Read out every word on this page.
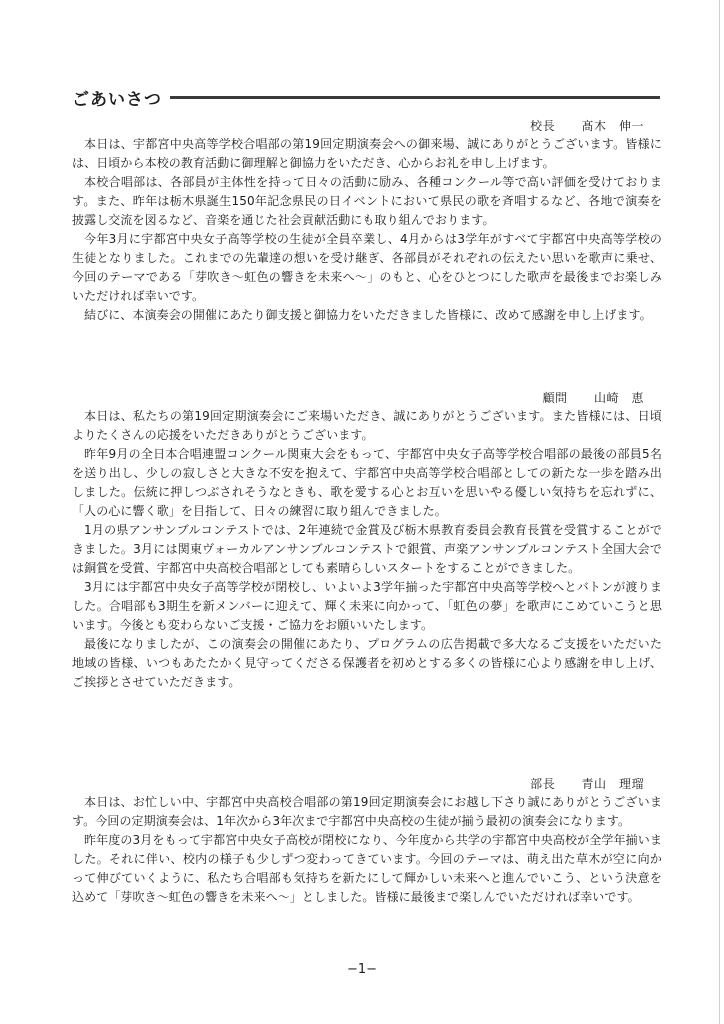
ごあいさつ
校長 髙木　伸一

本日は、宇都宮中央高等学校合唱部の第19回定期演奏会への御来場、誠にありがとうございます。皆様には、日頃から本校の教育活動に御理解と御協力をいただき、心からお礼を申し上げます。

本校合唱部は、各部員が主体性を持って日々の活動に励み、各種コンクール等で高い評価を受けております。また、昨年は栃木県誕生150年記念県民の日イベントにおいて県民の歌を斉唱するなど、各地で演奏を披露し交流を図るなど、音楽を通じた社会貢献活動にも取り組んでおります。

今年3月に宇都宮中央女子高等学校の生徒が全員卒業し、4月からは3学年がすべて宇都宮中央高等学校の生徒となりました。これまでの先輩達の想いを受け継ぎ、各部員がそれぞれの伝えたい思いを歌声に乗せ、今回のテーマである「芽吹き〜虹色の響きを未来へ〜」のもと、心をひとつにした歌声を最後までお楽しみいただければ幸いです。

結びに、本演奏会の開催にあたり御支援と御協力をいただきました皆様に、改めて感謝を申し上げます。

顧問 山崎　恵

本日は、私たちの第19回定期演奏会にご来場いただき、誠にありがとうございます。また皆様には、日頃よりたくさんの応援をいただきありがとうございます。

昨年9月の全日本合唱連盟コンクール関東大会をもって、宇都宮中央女子高等学校合唱部の最後の部員5名を送り出し、少しの寂しさと大きな不安を抱えて、宇都宮中央高等学校合唱部としての新たな一歩を踏み出しました。伝統に押しつぶされそうなときも、歌を愛する心とお互いを思いやる優しい気持ちを忘れずに、「人の心に響く歌」を目指して、日々の練習に取り組んできました。

1月の県アンサンブルコンテストでは、2年連続で金賞及び栃木県教育委員会教育長賞を受賞することができました。3月には関東ヴォーカルアンサンブルコンテストで銀賞、声楽アンサンブルコンテスト全国大会では銅賞を受賞、宇都宮中央高校合唱部としても素晴らしいスタートをすることができました。

3月には宇都宮中央女子高等学校が閉校し、いよいよ3学年揃った宇都宮中央高等学校へとバトンが渡りました。合唱部も3期生を新メンバーに迎えて、輝く未来に向かって、「虹色の夢」を歌声にこめていこうと思います。今後とも変わらないご支援・ご協力をお願いいたします。

最後になりましたが、この演奏会の開催にあたり、プログラムの広告掲載で多大なるご支援をいただいた地域の皆様、いつもあたたかく見守ってくださる保護者を初めとする多くの皆様に心より感謝を申し上げ、ご挨拶とさせていただきます。

部長 青山　理瑠

本日は、お忙しい中、宇都宮中央高校合唱部の第19回定期演奏会にお越し下さり誠にありがとうございます。今回の定期演奏会は、1年次から3年次まで宇都宮中央高校の生徒が揃う最初の演奏会になります。

昨年度の3月をもって宇都宮中央女子高校が閉校になり、今年度から共学の宇都宮中央高校が全学年揃いました。それに伴い、校内の様子も少しずつ変わってきています。今回のテーマは、萌え出た草木が空に向かって伸びていくように、私たち合唱部も気持ちを新たにして輝かしい未来へと進んでいこう、という決意を込めて「芽吹き〜虹色の響きを未来へ〜」としました。皆様に最後まで楽しんでいただければ幸いです。

−1−
